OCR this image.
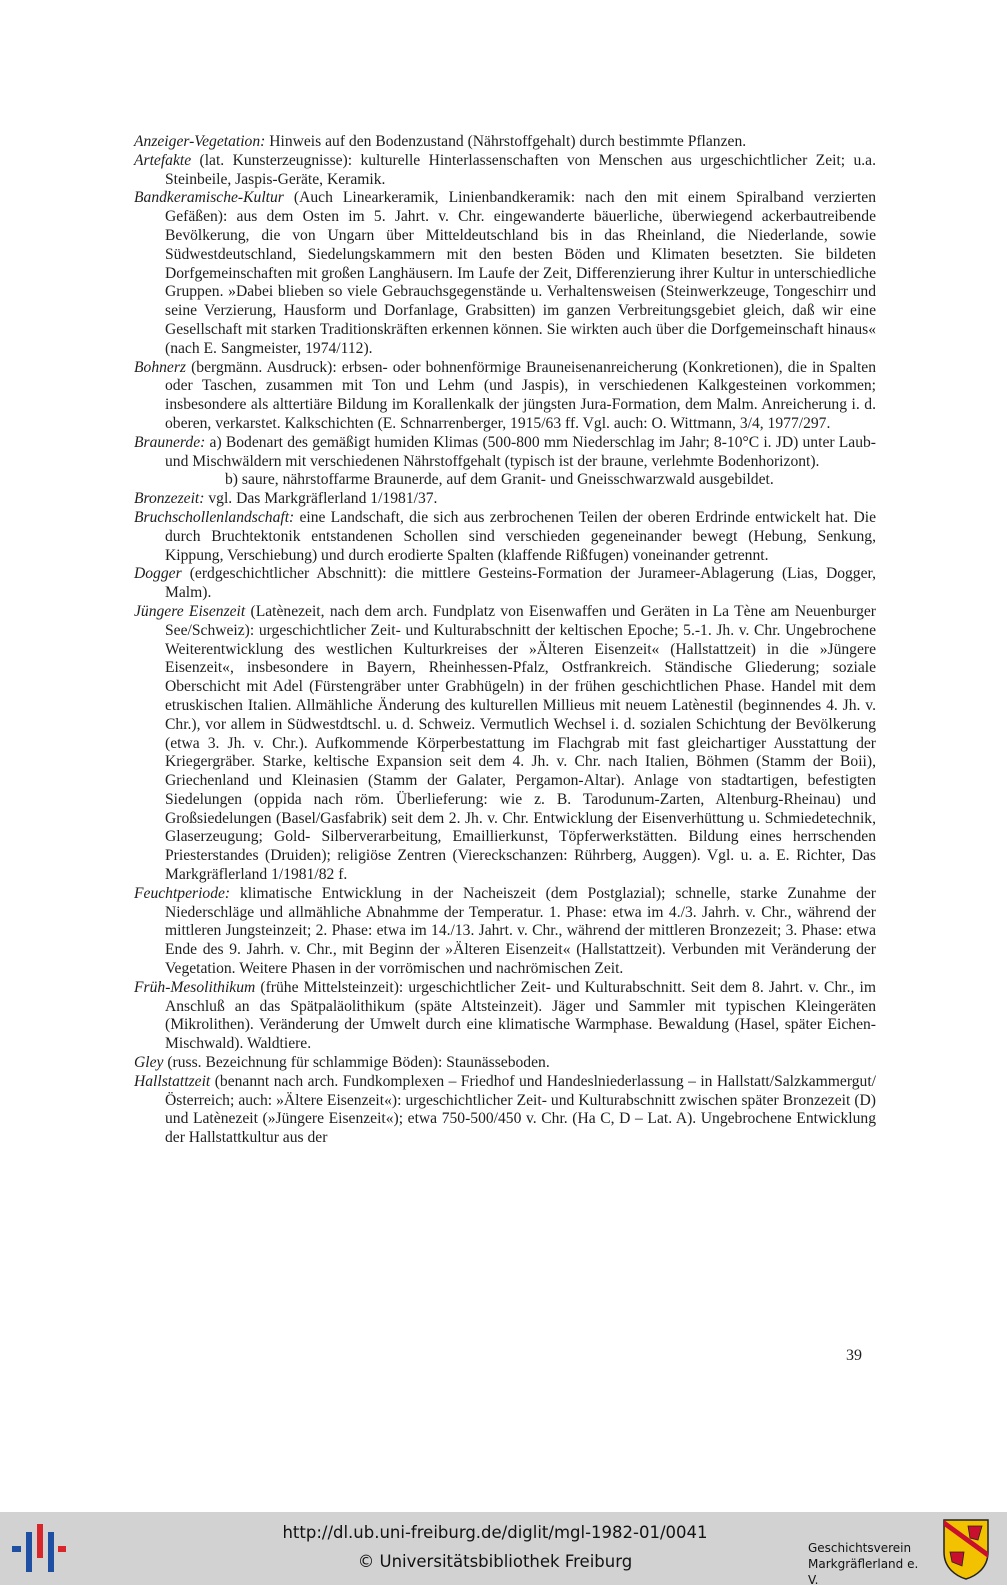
Anzeiger-Vegetation: Hinweis auf den Bodenzustand (Nährstoffgehalt) durch bestimmte Pflanzen.

Artefakte (lat. Kunsterzeugnisse): kulturelle Hinterlassenschaften von Menschen aus urgeschichtlicher Zeit; u.a. Steinbeile, Jaspis-Geräte, Keramik.

Bandkeramische-Kultur (Auch Linearkeramik, Linienbandkeramik: nach den mit einem Spiralband verzierten Gefäßen): aus dem Osten im 5. Jahrt. v. Chr. eingewanderte bäuerliche, überwiegend ackerbautreibende Bevölkerung, die von Ungarn über Mitteldeutschland bis in das Rheinland, die Niederlande, sowie Südwestdeutschland, Siedelungskammern mit den besten Böden und Klimaten besetzten. Sie bildeten Dorfgemeinschaften mit großen Langhäusern. Im Laufe der Zeit, Differenzierung ihrer Kultur in unterschiedliche Gruppen. »Dabei blieben so viele Gebrauchsgegenstände u. Verhaltensweisen (Steinwerkzeuge, Tongeschirr und seine Verzierung, Hausform und Dorfanlage, Grabsitten) im ganzen Verbreitungsgebiet gleich, daß wir eine Gesellschaft mit starken Traditionskräften erkennen können. Sie wirkten auch über die Dorfgemeinschaft hinaus« (nach E. Sangmeister, 1974/112).

Bohnerz (bergmänn. Ausdruck): erbsen- oder bohnenförmige Brauneisenanreicherung (Konkretionen), die in Spalten oder Taschen, zusammen mit Ton und Lehm (und Jaspis), in verschiedenen Kalkgesteinen vorkommen; insbesondere als alttertiäre Bildung im Korallenkalk der jüngsten Jura-Formation, dem Malm. Anreicherung i. d. oberen, verkarstet. Kalkschichten (E. Schnarrenberger, 1915/63 ff. Vgl. auch: O. Wittmann, 3/4, 1977/297.

Braunerde: a) Bodenart des gemäßigt humiden Klimas (500-800 mm Niederschlag im Jahr; 8-10°C i. JD) unter Laub- und Mischwäldern mit verschiedenen Nährstoffgehalt (typisch ist der braune, verlehmte Bodenhorizont).

b) saure, nährstoffarme Braunerde, auf dem Granit- und Gneisschwarzwald ausgebildet.

Bronzezeit: vgl. Das Markgräflerland 1/1981/37.

Bruchschollenlandschaft: eine Landschaft, die sich aus zerbrochenen Teilen der oberen Erdrinde entwickelt hat. Die durch Bruchtektonik entstandenen Schollen sind verschieden gegeneinander bewegt (Hebung, Senkung, Kippung, Verschiebung) und durch erodierte Spalten (klaffende Rißfugen) voneinander getrennt.

Dogger (erdgeschichtlicher Abschnitt): die mittlere Gesteins-Formation der Jurameer-Ablagerung (Lias, Dogger, Malm).

Jüngere Eisenzeit (Latènezeit, nach dem arch. Fundplatz von Eisenwaffen und Geräten in La Tène am Neuenburger See/Schweiz): urgeschichtlicher Zeit- und Kulturabschnitt der keltischen Epoche; 5.-1. Jh. v. Chr. Ungebrochene Weiterentwicklung des westlichen Kulturkreises der »Älteren Eisenzeit« (Hallstattzeit) in die »Jüngere Eisenzeit«, insbesondere in Bayern, Rheinhessen-Pfalz, Ostfrankreich. Ständische Gliederung; soziale Oberschicht mit Adel (Fürstengräber unter Grabhügeln) in der frühen geschichtlichen Phase. Handel mit dem etruskischen Italien. Allmähliche Änderung des kulturellen Millieus mit neuem Latènestil (beginnendes 4. Jh. v. Chr.), vor allem in Südwestdtschl. u. d. Schweiz. Vermutlich Wechsel i. d. sozialen Schichtung der Bevölkerung (etwa 3. Jh. v. Chr.). Aufkommende Körperbestattung im Flachgrab mit fast gleichartiger Ausstattung der Kriegergräber. Starke, keltische Expansion seit dem 4. Jh. v. Chr. nach Italien, Böhmen (Stamm der Boii), Griechenland und Kleinasien (Stamm der Galater, Pergamon-Altar). Anlage von stadtartigen, befestigten Siedelungen (oppida nach röm. Überlieferung: wie z. B. Tarodunum-Zarten, Altenburg-Rheinau) und Großsiedelungen (Basel/Gasfabrik) seit dem 2. Jh. v. Chr. Entwicklung der Eisenverhüttung u. Schmiedetechnik, Glaserzeugung; Gold- Silberverarbeitung, Emaillierkunst, Töpferwerkstätten. Bildung eines herrschenden Priesterstandes (Druiden); religiöse Zentren (Viereckschanzen: Rührberg, Auggen). Vgl. u. a. E. Richter, Das Markgräflerland 1/1981/82 f.

Feuchtperiode: klimatische Entwicklung in der Nacheiszeit (dem Postglazial); schnelle, starke Zunahme der Niederschläge und allmähliche Abnahmme der Temperatur. 1. Phase: etwa im 4./3. Jahrh. v. Chr., während der mittleren Jungsteinzeit; 2. Phase: etwa im 14./13. Jahrt. v. Chr., während der mittleren Bronzezeit; 3. Phase: etwa Ende des 9. Jahrh. v. Chr., mit Beginn der »Älteren Eisenzeit« (Hallstattzeit). Verbunden mit Veränderung der Vegetation. Weitere Phasen in der vorrömischen und nachrömischen Zeit.

Früh-Mesolithikum (frühe Mittelsteinzeit): urgeschichtlicher Zeit- und Kulturabschnitt. Seit dem 8. Jahrt. v. Chr., im Anschluß an das Spätpaläolithikum (späte Altsteinzeit). Jäger und Sammler mit typischen Kleingeräten (Mikrolithen). Veränderung der Umwelt durch eine klimatische Warmphase. Bewaldung (Hasel, später Eichen-Mischwald). Waldtiere.

Gley (russ. Bezeichnung für schlammige Böden): Staunässeboden.

Hallstattzeit (benannt nach arch. Fundkomplexen – Friedhof und Handeslniederlassung – in Hallstatt/Salzkammergut/Österreich; auch: »Ältere Eisenzeit«): urgeschichtlicher Zeit- und Kulturabschnitt zwischen später Bronzezeit (D) und Latènezeit (»Jüngere Eisenzeit«); etwa 750-500/450 v. Chr. (Ha C, D – Lat. A). Ungebrochene Entwicklung der Hallstattkultur aus der

39
http://dl.ub.uni-freiburg.de/diglit/mgl-1982-01/0041
© Universitätsbibliothek Freiburg
Geschichtsverein
Markgräflerland e. V.
